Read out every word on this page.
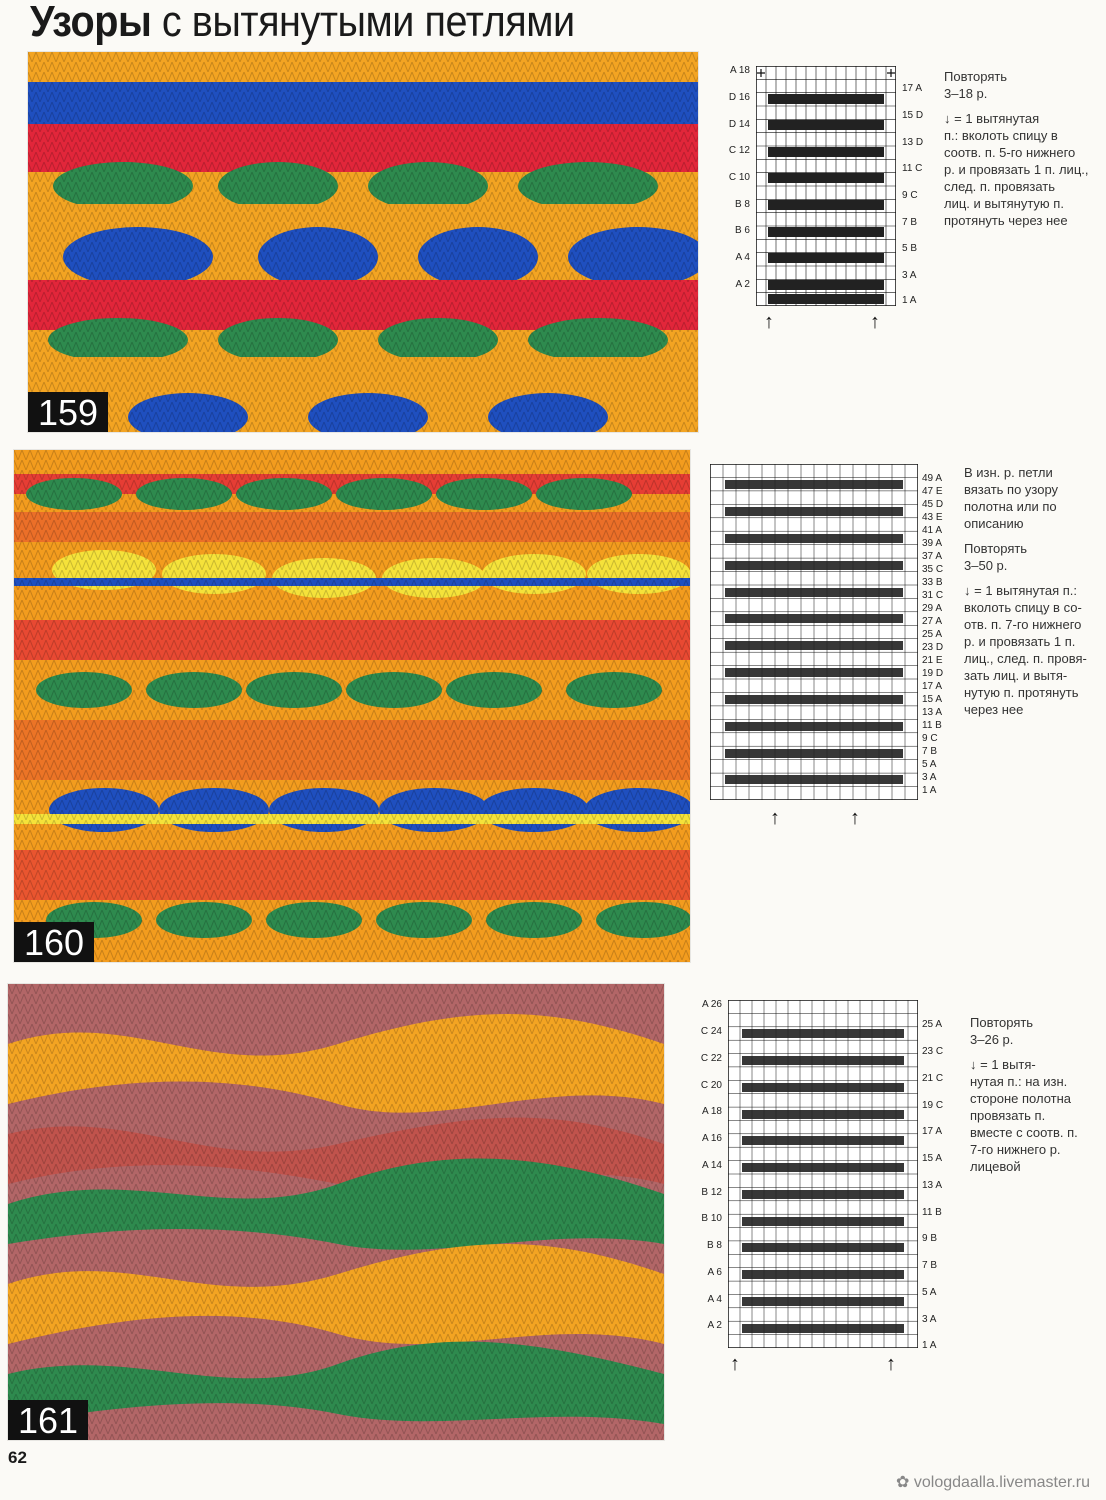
Узоры с вытянутыми петлями
159
A 18
D 16
D 14
C 12
C 10
B 8
B 6
A 4
A 2
17 A
15 D
13 D
11 C
9 C
7 B
5 B
3 A
1 A
↑	↑

Повторять
3–18 р.

↓ = 1 вытянутая
п.: вколоть спицу в
соотв. п. 5-го нижнего
р. и провязать 1 п. лиц.,
след. п. провязать
лиц. и вытянутую п.
протянуть через нее

160
49 A
47 E
45 D
43 E
41 A
39 A
37 A
35 C
33 B
31 C
29 A
27 A
25 A
23 D
21 E
19 D
17 A
15 A
13 A
11 B
9 C
7 B
5 A
3 A
1 A
↑	↑

В изн. р. петли
вязать по узору
полотна или по
описанию

Повторять
3–50 р.

↓ = 1 вытянутая п.:
вколоть спицу в со-
отв. п. 7-го нижнего
р. и провязать 1 п.
лиц., след. п. провя-
зать лиц. и вытя-
нутую п. протянуть
через нее

161
A 26
C 24
C 22
C 20
A 18
A 16
A 14
B 12
B 10
B 8
A 6
A 4
A 2
25 A
23 C
21 C
19 C
17 A
15 A
13 A
11 B
9 B
7 B
5 A
3 A
1 A
↑	↑

Повторять
3–26 р.

↓ = 1 вытя-
нутая п.: на изн.
стороне полотна
провязать п.
вместе с соотв. п.
7-го нижнего р.
лицевой

62
✿ vologdaalla.livemaster.ru
